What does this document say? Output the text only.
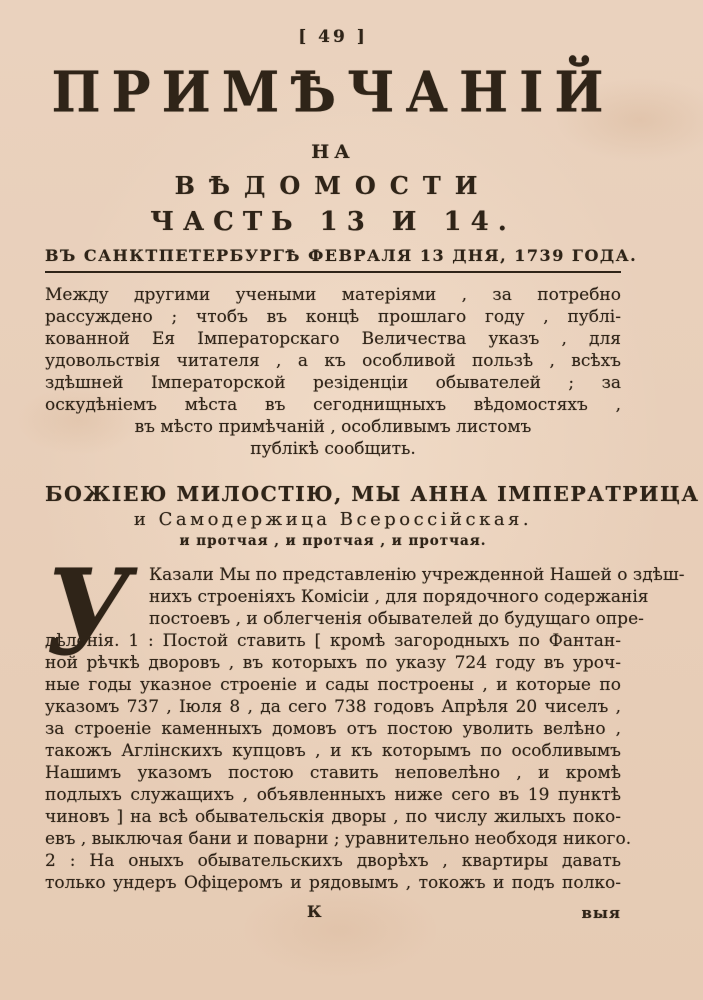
[ 49 ]
ПРИМѢЧАНІЙ
НА
ВѢДОМОСТИ
ЧАСТЬ 13 И 14.
ВЪ САНКТПЕТЕРБУРГѢ ФЕВРАЛЯ 13 ДНЯ, 1739 ГОДА.
Между другими учеными матеріями , за потребно
рассуждено ; чтобъ въ концѣ прошлаго году , публі-
кованной Ея Імператорскаго Величества указъ , для
удовольствія читателя , а къ особливой пользѣ , всѣхъ
здѣшней Імператорской резіденціи обывателей ; за
оскудѣніемъ мѣста въ сегоднищныхъ вѣдомостяхъ ,
въ мѣсто примѣчаній , особливымъ листомъ
публікѣ сообщить.
БОЖІЕЮ МИЛОСТІЮ, МЫ АННА ІМПЕРАТРИЦА
и Самодержица Всероссійская.
и протчая , и протчая , и протчая.
У	Казали Мы по представленію учрежденной Нашей о здѣш-
нихъ строеніяхъ Комісіи , для порядочного содержанія
постоевъ , и облегченія обывателей до будущаго опре-
дѣленія. 1 : Постой ставить [ кромѣ загородныхъ по Фантан-
ной рѣчкѣ дворовъ , въ которыхъ по указу 724 году въ уроч-
ные годы указное строеніе и сады построены , и которые по
указомъ 737 , Іюля 8 , да сего 738 годовъ Апрѣля 20 чиселъ ,
за строеніе каменныхъ домовъ отъ постою уволить велѣно ,
такожъ Аглінскихъ купцовъ , и къ которымъ по особливымъ
Нашимъ указомъ постою ставить неповелѣно , и кромѣ
подлыхъ служащихъ , объявленныхъ ниже сего въ 19 пунктѣ
чиновъ ] на всѣ обывательскія дворы , по числу жилыхъ поко-
евъ , выключая бани и поварни ; уравнительно необходя никого.
2 : На оныхъ обывательскихъ дворѣхъ , квартиры давать
только ундеръ Офіцеромъ и рядовымъ , токожъ и подъ полко-
К	выя
